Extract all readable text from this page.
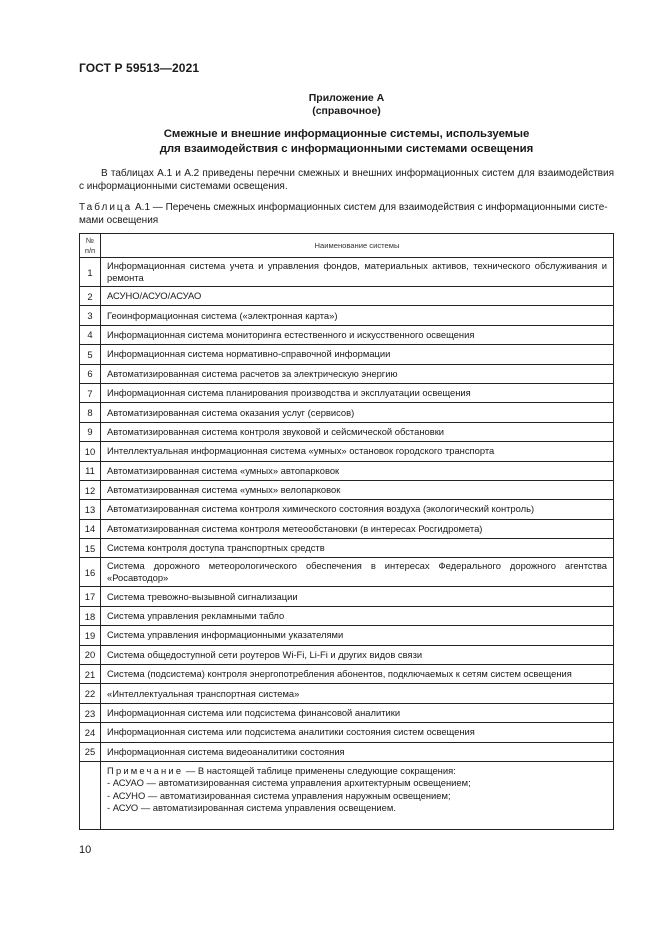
ГОСТ Р 59513—2021
Приложение А
(справочное)
Смежные и внешние информационные системы, используемые
для взаимодействия с информационными системами освещения
В таблицах А.1 и А.2 приведены перечни смежных и внешних информационных систем для взаимодействия с информационными системами освещения.
Таблица А.1 — Перечень смежных информационных систем для взаимодействия с информационными системами освещения
№
п/п	Наименование системы
1	Информационная система учета и управления фондов, материальных активов, технического обслуживания и ремонта
2	АСУНО/АСУО/АСУАО
3	Геоинформационная система («электронная карта»)
4	Информационная система мониторинга естественного и искусственного освещения
5	Информационная система нормативно-справочной информации
6	Автоматизированная система расчетов за электрическую энергию
7	Информационная система планирования производства и эксплуатации освещения
8	Автоматизированная система оказания услуг (сервисов)
9	Автоматизированная система контроля звуковой и сейсмической обстановки
10	Интеллектуальная информационная система «умных» остановок городского транспорта
11	Автоматизированная система «умных» автопарковок
12	Автоматизированная система «умных» велопарковок
13	Автоматизированная система контроля химического состояния воздуха (экологический контроль)
14	Автоматизированная система контроля метеообстановки (в интересах Росгидромета)
15	Система контроля доступа транспортных средств
16	Система дорожного метеорологического обеспечения в интересах Федерального дорожного агентства «Росавтодор»
17	Система тревожно-вызывной сигнализации
18	Система управления рекламными табло
19	Система управления информационными указателями
20	Система общедоступной сети роутеров Wi-Fi, Li-Fi и других видов связи
21	Система (подсистема) контроля энергопотребления абонентов, подключаемых к сетям систем освещения
22	«Интеллектуальная транспортная система»
23	Информационная система или подсистема финансовой аналитики
24	Информационная система или подсистема аналитики состояния систем освещения
25	Информационная система видеоаналитики состояния

	Примечание — В настоящей таблице применены следующие сокращения:
- АСУАО — автоматизированная система управления архитектурным освещением;
- АСУНО — автоматизированная система управления наружным освещением;
- АСУО — автоматизированная система управления освещением.
10
